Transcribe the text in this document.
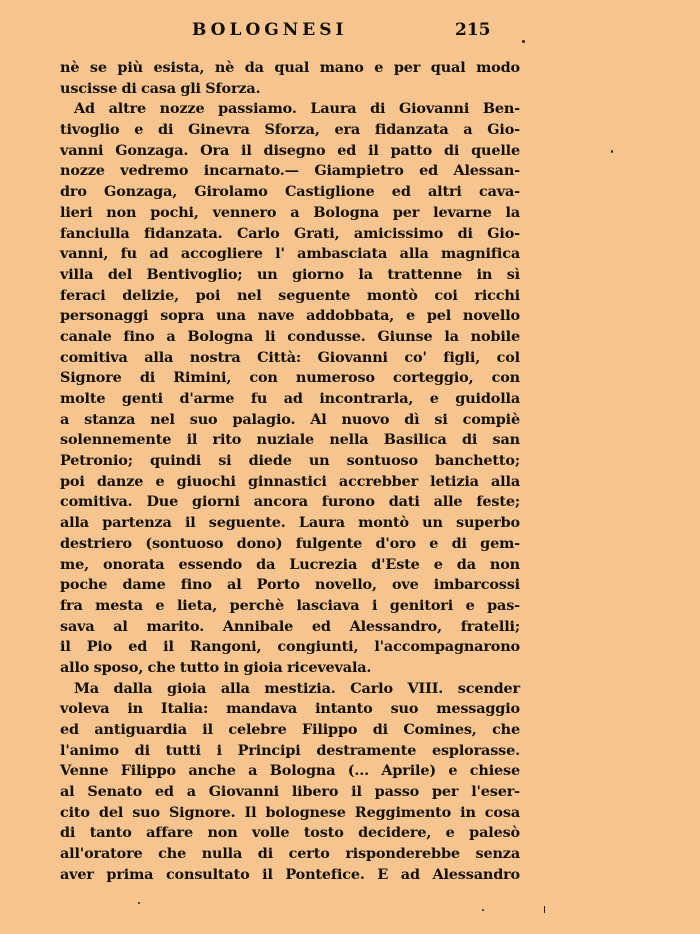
BOLOGNESI	215
nè se più esista, nè da qual mano e per qual modo
uscisse di casa gli Sforza.
Ad altre nozze passiamo. Laura di Giovanni Ben-
tivoglio e di Ginevra Sforza, era fidanzata a Gio-
vanni Gonzaga. Ora il disegno ed il patto di quelle
nozze vedremo incarnato.— Giampietro ed Alessan-
dro Gonzaga, Girolamo Castiglione ed altri cava-
lieri non pochi, vennero a Bologna per levarne la
fanciulla fidanzata. Carlo Grati, amicissimo di Gio-
vanni, fu ad accogliere l' ambasciata alla magnifica
villa del Bentivoglio; un giorno la trattenne in sì
feraci delizie, poi nel seguente montò coi ricchi
personaggi sopra una nave addobbata, e pel novello
canale fino a Bologna li condusse. Giunse la nobile
comitiva alla nostra Città: Giovanni co' figli, col
Signore di Rimini, con numeroso corteggio, con
molte genti d'arme fu ad incontrarla, e guidolla
a stanza nel suo palagio. Al nuovo dì si compiè
solennemente il rito nuziale nella Basilica di san
Petronio; quindi si diede un sontuoso banchetto;
poi danze e giuochi ginnastici accrebber letizia alla
comitiva. Due giorni ancora furono dati alle feste;
alla partenza il seguente. Laura montò un superbo
destriero (sontuoso dono) fulgente d'oro e di gem-
me, onorata essendo da Lucrezia d'Este e da non
poche dame fino al Porto novello, ove imbarcossi
fra mesta e lieta, perchè lasciava i genitori e pas-
sava al marito. Annibale ed Alessandro, fratelli;
il Pio ed il Rangoni, congiunti, l'accompagnarono
allo sposo, che tutto in gioia ricevevala.
Ma dalla gioia alla mestizia. Carlo VIII. scender
voleva in Italia: mandava intanto suo messaggio
ed antiguardia il celebre Filippo di Comines, che
l'animo di tutti i Principi destramente esplorasse.
Venne Filippo anche a Bologna (... Aprile) e chiese
al Senato ed a Giovanni libero il passo per l'eser-
cito del suo Signore. Il bolognese Reggimento in cosa
di tanto affare non volle tosto decidere, e palesò
all'oratore che nulla di certo risponderebbe senza
aver prima consultato il Pontefice. E ad Alessandro
